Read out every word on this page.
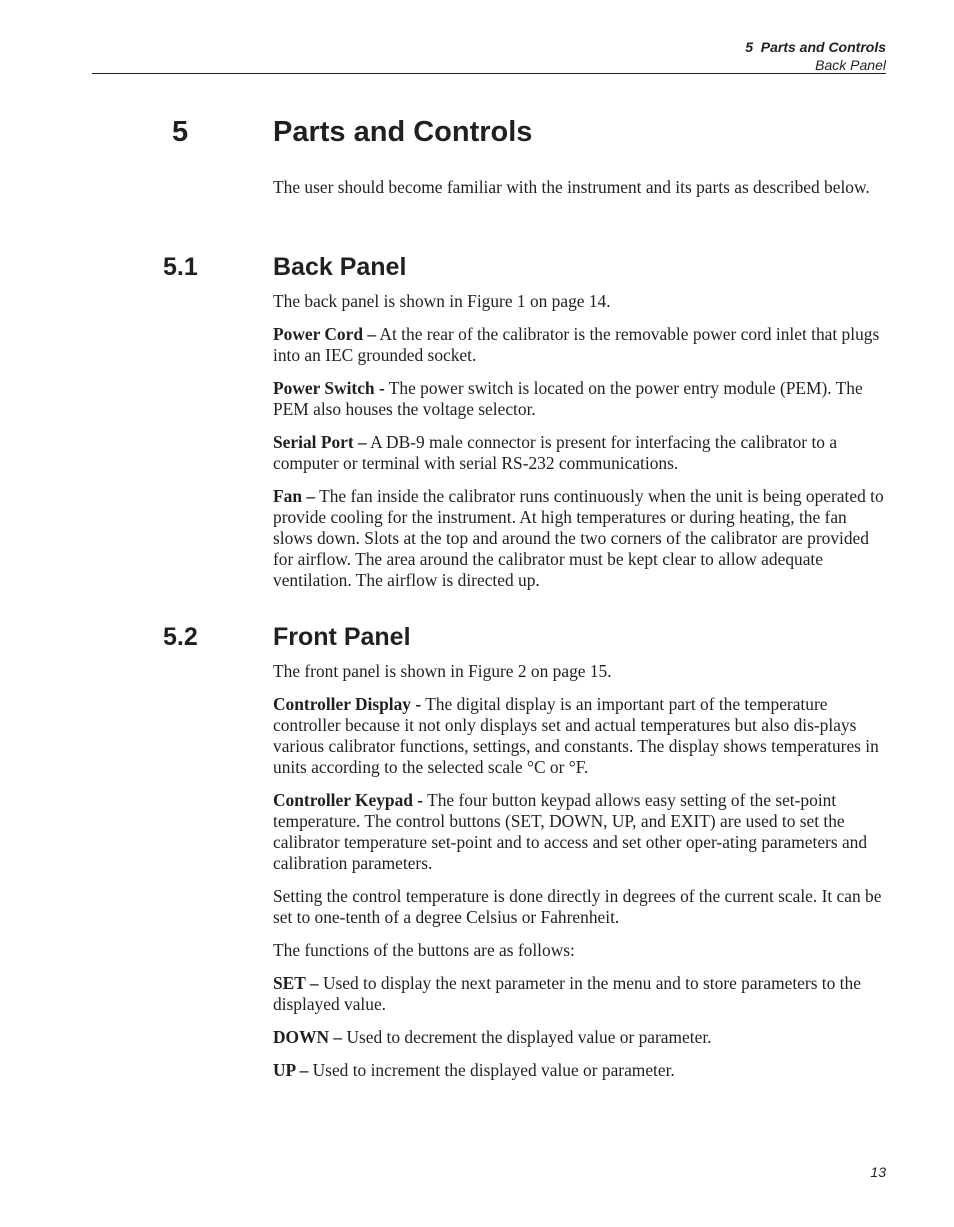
5  Parts and Controls
Back Panel
5	Parts and Controls

The user should become familiar with the instrument and its parts as described below.

5.1	Back Panel

The back panel is shown in Figure 1 on page 14.

Power Cord – At the rear of the calibrator is the removable power cord inlet that plugs into an IEC grounded socket.

Power Switch - The power switch is located on the power entry module (PEM). The PEM also houses the voltage selector.

Serial Port – A DB-9 male connector is present for interfacing the calibrator to a computer or terminal with serial RS-232 communications.

Fan – The fan inside the calibrator runs continuously when the unit is being operated to provide cooling for the instrument. At high temperatures or during heating, the fan slows down. Slots at the top and around the two corners of the calibrator are provided for airflow. The area around the calibrator must be kept clear to allow adequate ventilation. The airflow is directed up.

5.2	Front Panel

The front panel is shown in Figure 2 on page 15.

Controller Display - The digital display is an important part of the temperature controller because it not only displays set and actual temperatures but also dis-plays various calibrator functions, settings, and constants. The display shows temperatures in units according to the selected scale °C or °F.

Controller Keypad - The four button keypad allows easy setting of the set-point temperature. The control buttons (SET, DOWN, UP, and EXIT) are used to set the calibrator temperature set-point and to access and set other oper-ating parameters and calibration parameters.

Setting the control temperature is done directly in degrees of the current scale. It can be set to one-tenth of a degree Celsius or Fahrenheit.

The functions of the buttons are as follows:

SET – Used to display the next parameter in the menu and to store parameters to the displayed value.

DOWN – Used to decrement the displayed value or parameter.

UP – Used to increment the displayed value or parameter.

13
